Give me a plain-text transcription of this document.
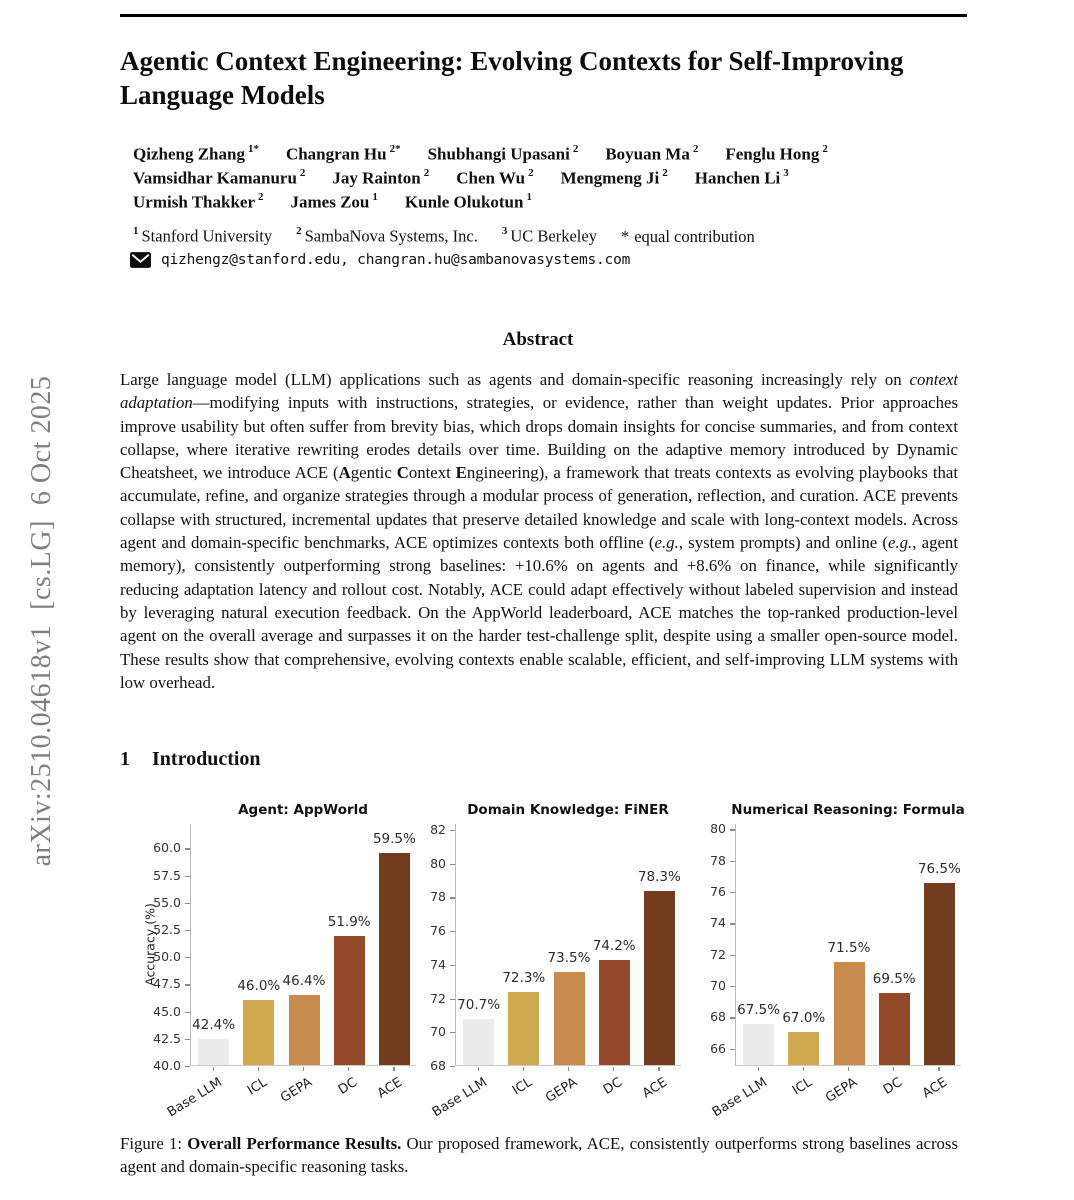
arXiv:2510.04618v1  [cs.LG]  6 Oct 2025
Agentic Context Engineering: Evolving Contexts for Self-Improving Language Models
Qizheng Zhang $^{1*}$ Changran Hu $^{2*}$ Shubhangi Upasani $^2$ Boyuan Ma $^2$ Fenglu Hong $^2$
Vamsidhar Kamanuru $^2$ Jay Rainton $^2$ Chen Wu $^2$ Mengmeng Ji $^2$ Hanchen Li $^3$
Urmish Thakker $^2$ James Zou $^1$ Kunle Olukotun $^1$
$^1$ Stanford University $^2$ SambaNova Systems, Inc. $^3$ UC Berkeley * equal contribution
qizhengz@stanford.edu, changran.hu@sambanovasystems.com
Abstract

Large language model (LLM) applications such as agents and domain-specific reasoning increasingly rely on context adaptation—modifying inputs with instructions, strategies, or evidence, rather than weight updates. Prior approaches improve usability but often suffer from brevity bias, which drops domain insights for concise summaries, and from context collapse, where iterative rewriting erodes details over time. Building on the adaptive memory introduced by Dynamic Cheatsheet, we introduce ACE (Agentic Context Engineering), a framework that treats contexts as evolving playbooks that accumulate, refine, and organize strategies through a modular process of generation, reflection, and curation. ACE prevents collapse with structured, incremental updates that preserve detailed knowledge and scale with long-context models. Across agent and domain-specific benchmarks, ACE optimizes contexts both offline (e.g., system prompts) and online (e.g., agent memory), consistently outperforming strong baselines: +10.6% on agents and +8.6% on finance, while significantly reducing adaptation latency and rollout cost. Notably, ACE could adapt effectively without labeled supervision and instead by leveraging natural execution feedback. On the AppWorld leaderboard, ACE matches the top-ranked production-level agent on the overall average and surpasses it on the harder test-challenge split, despite using a smaller open-source model. These results show that comprehensive, evolving contexts enable scalable, efficient, and self-improving LLM systems with low overhead.

1 Introduction
Agent: AppWorld
Accuracy (%)
42.4%
46.0% 46.4%
51.9%
59.5%
40.0
42.5
45.0
47.5
50.0
52.5
55.0
57.5
60.0
Base LLM	ICL GEPA	DC	ACE
Domain Knowledge: FiNER
70.7%
72.3%
73.5%
74.2%
78.3%
68
70
72
74
76
78
80
82
Base LLM	ICL GEPA	DC	ACE
Numerical Reasoning: Formula
67.5% 67.0%
71.5%
69.5%
76.5%
66
68
70
72
74
76
78
80
Base LLM	ICL GEPA	DC	ACE

Figure 1: Overall Performance Results. Our proposed framework, ACE, consistently outperforms strong baselines across agent and domain-specific reasoning tasks.
